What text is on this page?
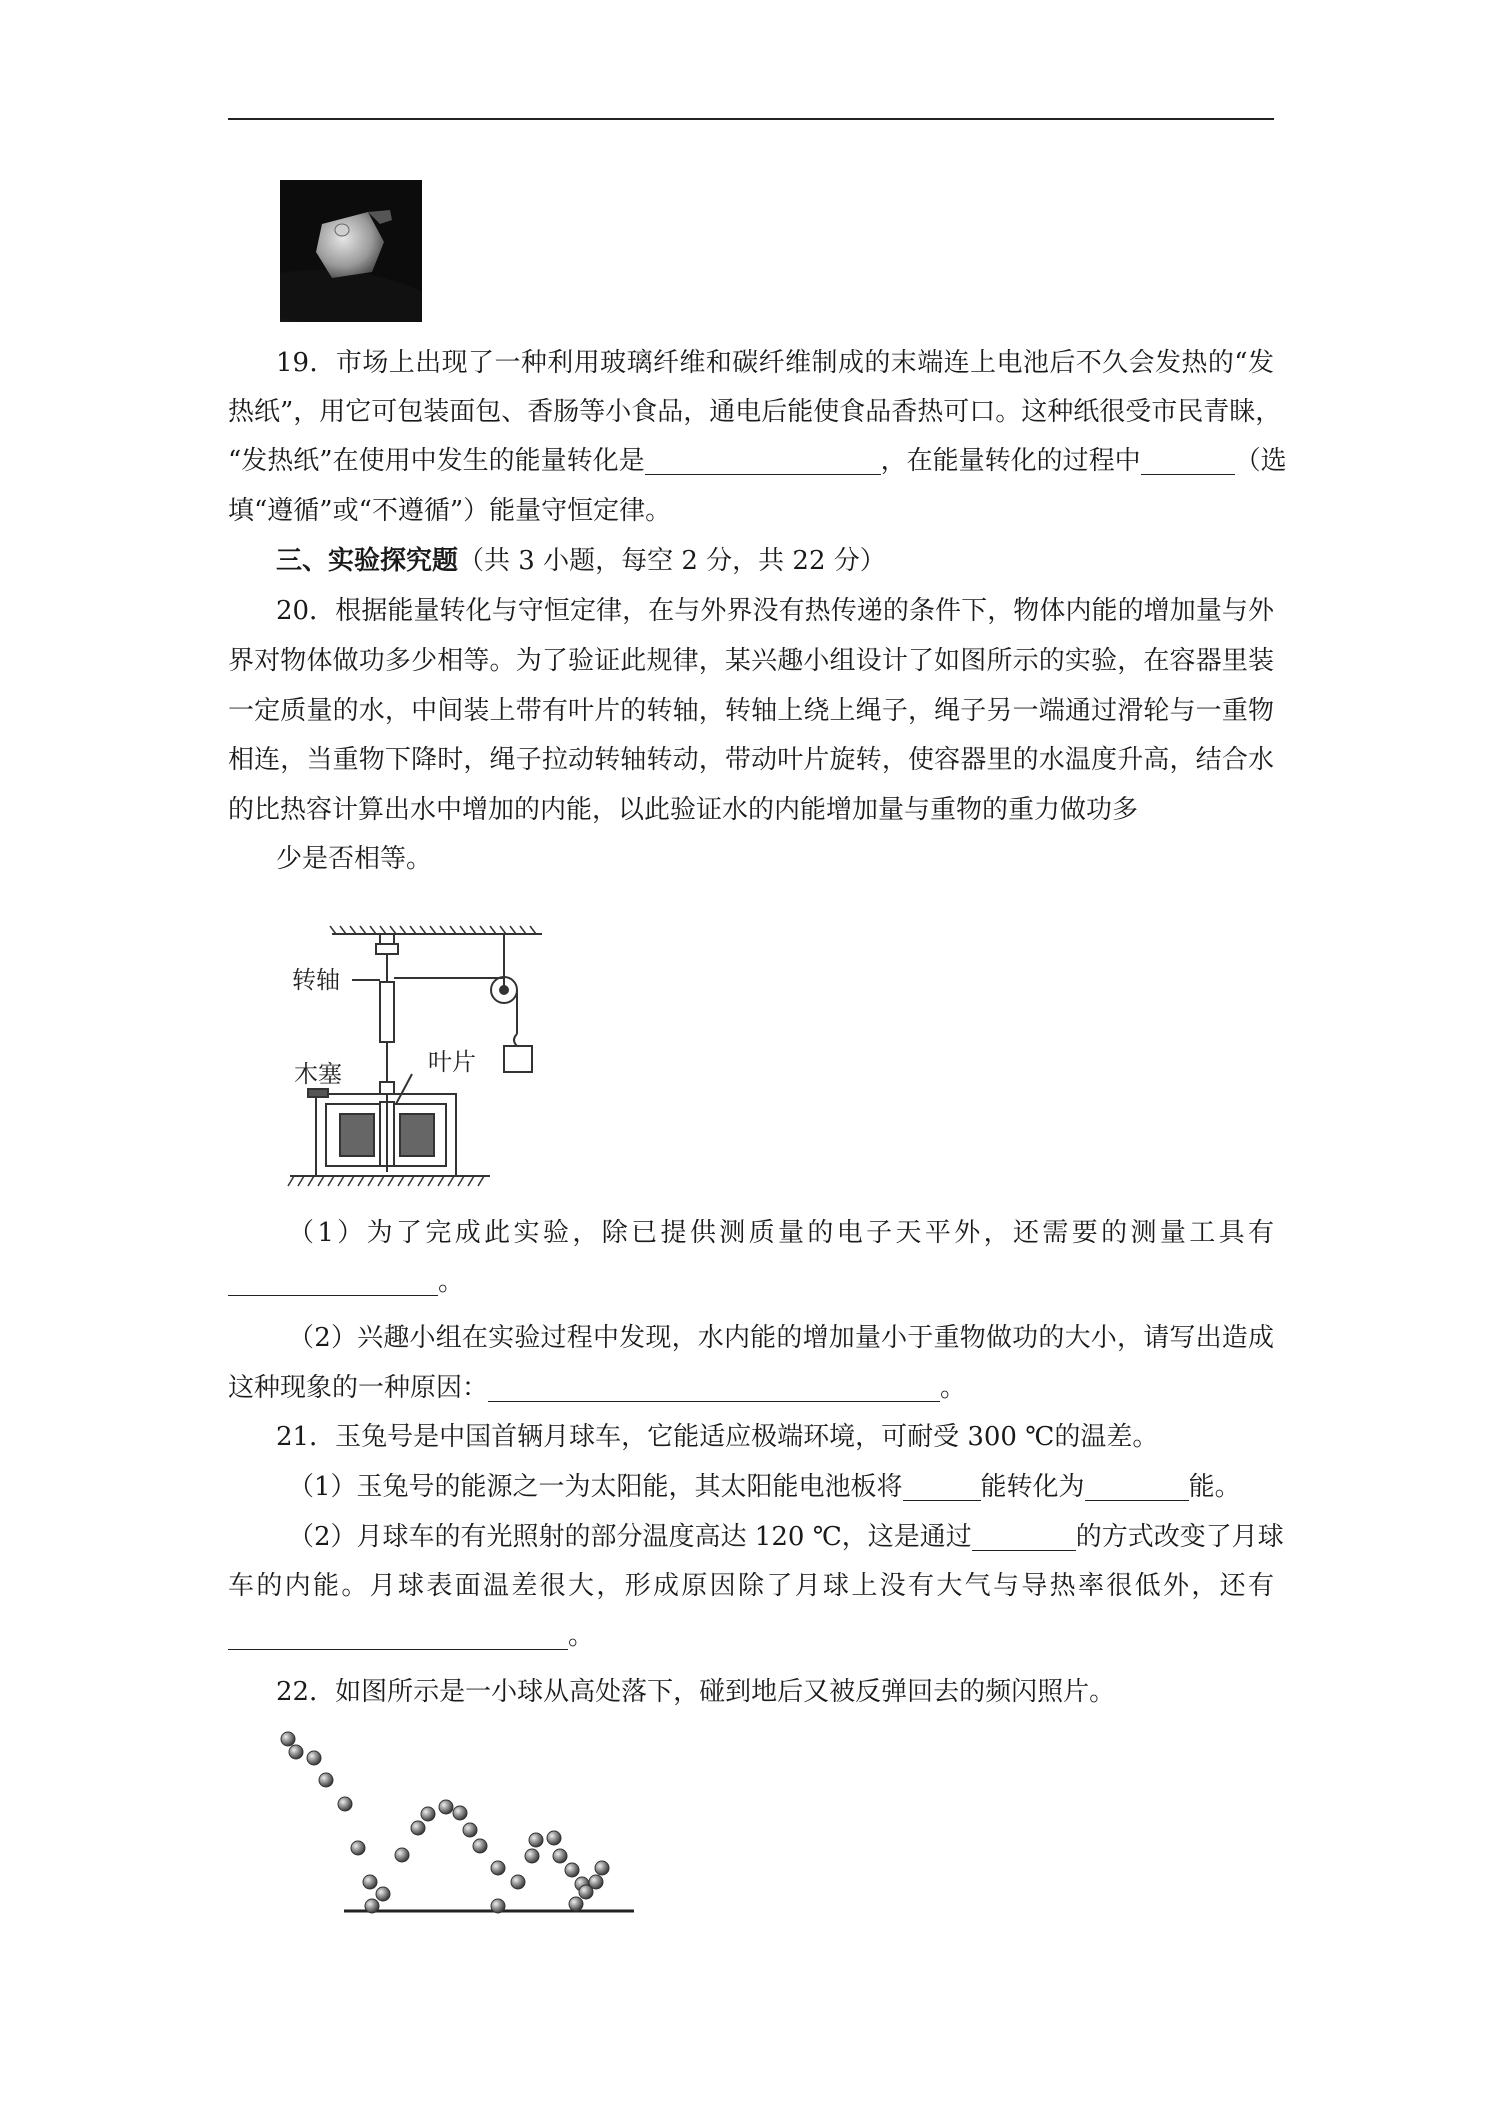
19．市场上出现了一种利用玻璃纤维和碳纤维制成的末端连上电池后不久会发热的“发
热纸”，用它可包装面包、香肠等小食品，通电后能使食品香热可口。这种纸很受市民青睐，
“发热纸”在使用中发生的能量转化是	，在能量转化的过程中	（选
填“遵循”或“不遵循”）能量守恒定律。
三、实验探究题（共 3 小题，每空 2 分，共 22 分）
20．根据能量转化与守恒定律，在与外界没有热传递的条件下，物体内能的增加量与外
界对物体做功多少相等。为了验证此规律，某兴趣小组设计了如图所示的实验，在容器里装
一定质量的水，中间装上带有叶片的转轴，转轴上绕上绳子，绳子另一端通过滑轮与一重物
相连，当重物下降时，绳子拉动转轴转动，带动叶片旋转，使容器里的水温度升高，结合水
的比热容计算出水中增加的内能，以此验证水的内能增加量与重物的重力做功多
少是否相等。
转轴
木塞	叶片
（1）为了完成此实验，除已提供测质量的电子天平外，还需要的测量工具有
。
（2）兴趣小组在实验过程中发现，水内能的增加量小于重物做功的大小，请写出造成
这种现象的一种原因：	。
21．玉兔号是中国首辆月球车，它能适应极端环境，可耐受 300 ℃的温差。
（1）玉兔号的能源之一为太阳能，其太阳能电池板将	能转化为	能。
（2）月球车的有光照射的部分温度高达 120 ℃，这是通过	的方式改变了月球
车的内能。月球表面温差很大，形成原因除了月球上没有大气与导热率很低外，还有
。
22．如图所示是一小球从高处落下，碰到地后又被反弹回去的频闪照片。
